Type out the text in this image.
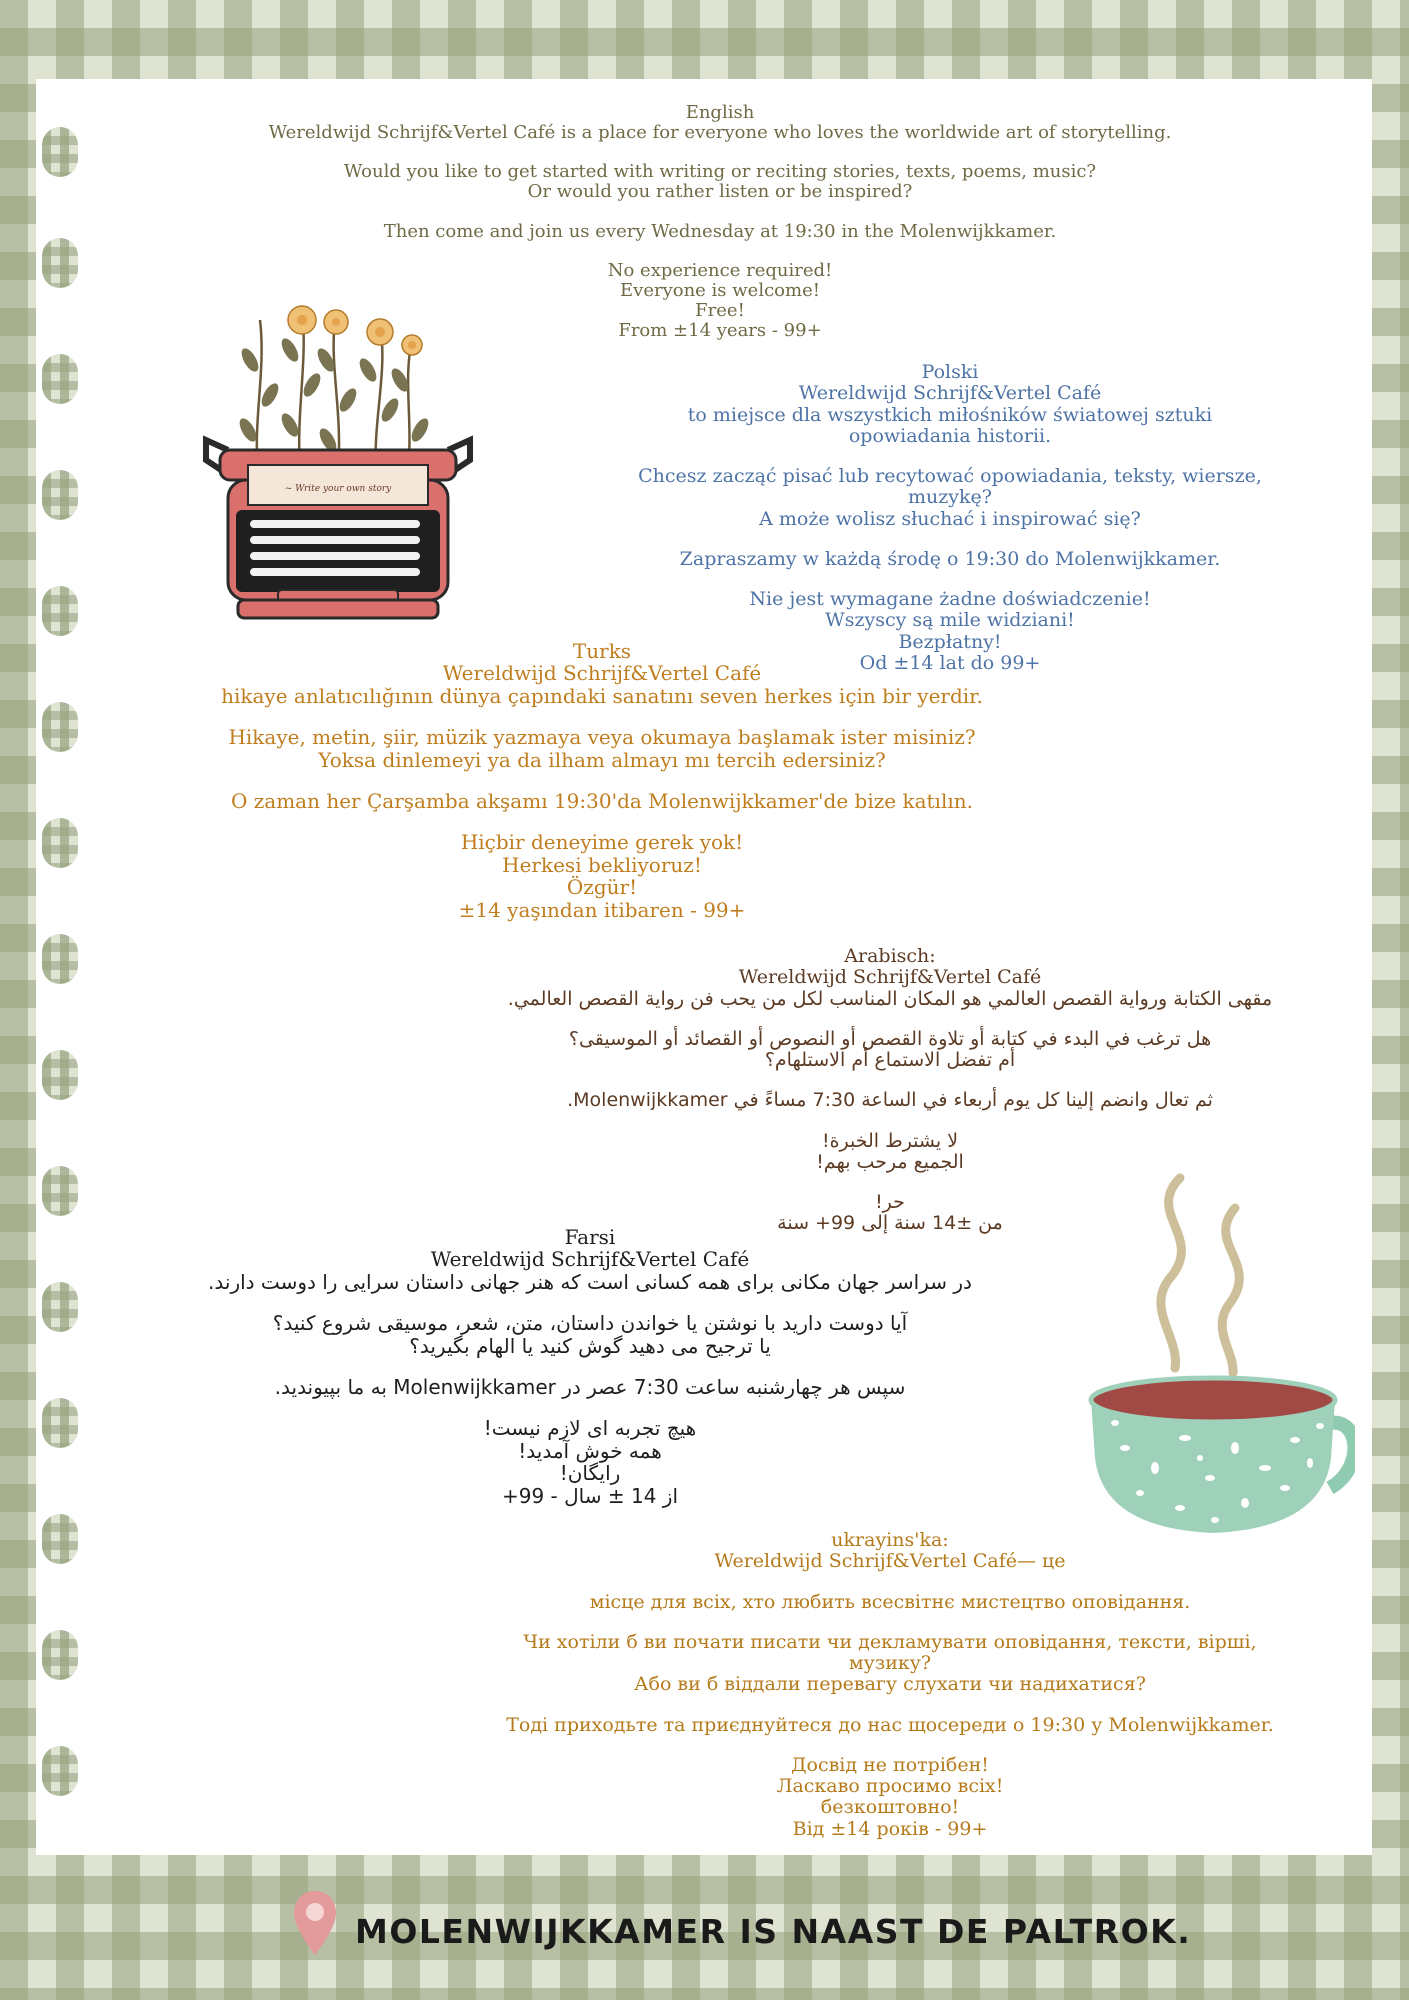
English
Wereldwijd Schrijf&Vertel Café is a place for everyone who loves the worldwide art of storytelling.
Would you like to get started with writing or reciting stories, texts, poems, music?
Or would you rather listen or be inspired?
Then come and join us every Wednesday at 19:30 in the Molenwijkkamer.
No experience required!
Everyone is welcome!
Free!
From ±14 years - 99+
~ Write your own story
Polski
Wereldwijd Schrijf&Vertel Café
to miejsce dla wszystkich miłośników światowej sztuki
opowiadania historii.
Chcesz zacząć pisać lub recytować opowiadania, teksty, wiersze,
muzykę?
A może wolisz słuchać i inspirować się?
Zapraszamy w każdą środę o 19:30 do Molenwijkkamer.
Nie jest wymagane żadne doświadczenie!
Wszyscy są mile widziani!
Bezpłatny!
Od ±14 lat do 99+
Turks
Wereldwijd Schrijf&Vertel Café
hikaye anlatıcılığının dünya çapındaki sanatını seven herkes için bir yerdir.
Hikaye, metin, şiir, müzik yazmaya veya okumaya başlamak ister misiniz?
Yoksa dinlemeyi ya da ilham almayı mı tercih edersiniz?
O zaman her Çarşamba akşamı 19:30'da Molenwijkkamer'de bize katılın.
Hiçbir deneyime gerek yok!
Herkesi bekliyoruz!
Özgür!
±14 yaşından itibaren - 99+
Arabisch:
Wereldwijd Schrijf&Vertel Café
مقهى الكتابة ورواية القصص العالمي هو المكان المناسب لكل من يحب فن رواية القصص العالمي.
هل ترغب في البدء في كتابة أو تلاوة القصص أو النصوص أو القصائد أو الموسيقى؟
أم تفضل الاستماع أم الاستلهام؟
ثم تعال وانضم إلينا كل يوم أربعاء في الساعة 7:30 مساءً في Molenwijkkamer.
لا يشترط الخبرة!
الجميع مرحب بهم!
حر!
من ±14 سنة إلى 99+ سنة
Farsi
Wereldwijd Schrijf&Vertel Café
در سراسر جهان مکانی برای همه کسانی است که هنر جهانی داستان سرایی را دوست دارند.
آیا دوست دارید با نوشتن یا خواندن داستان، متن، شعر، موسیقی شروع کنید؟
یا ترجیح می دهید گوش کنید یا الهام بگیرید؟
سپس هر چهارشنبه ساعت 7:30 عصر در Molenwijkkamer به ما بپیوندید.
هیچ تجربه ای لازم نیست!
همه خوش آمدید!
رایگان!
از 14 ± سال - 99+
ukrayins'ka:
Wereldwijd Schrijf&Vertel Café— це
місце для всіх, хто любить всесвітнє мистецтво оповідання.
Чи хотіли б ви почати писати чи декламувати оповідання, тексти, вірші,
музику?
Або ви б віддали перевагу слухати чи надихатися?
Тоді приходьте та приєднуйтеся до нас щосереди о 19:30 у Molenwijkkamer.
Досвід не потрібен!
Ласкаво просимо всіх!
безкоштовно!
Від ±14 років - 99+
MOLENWIJKKAMER IS NAAST DE PALTROK.
